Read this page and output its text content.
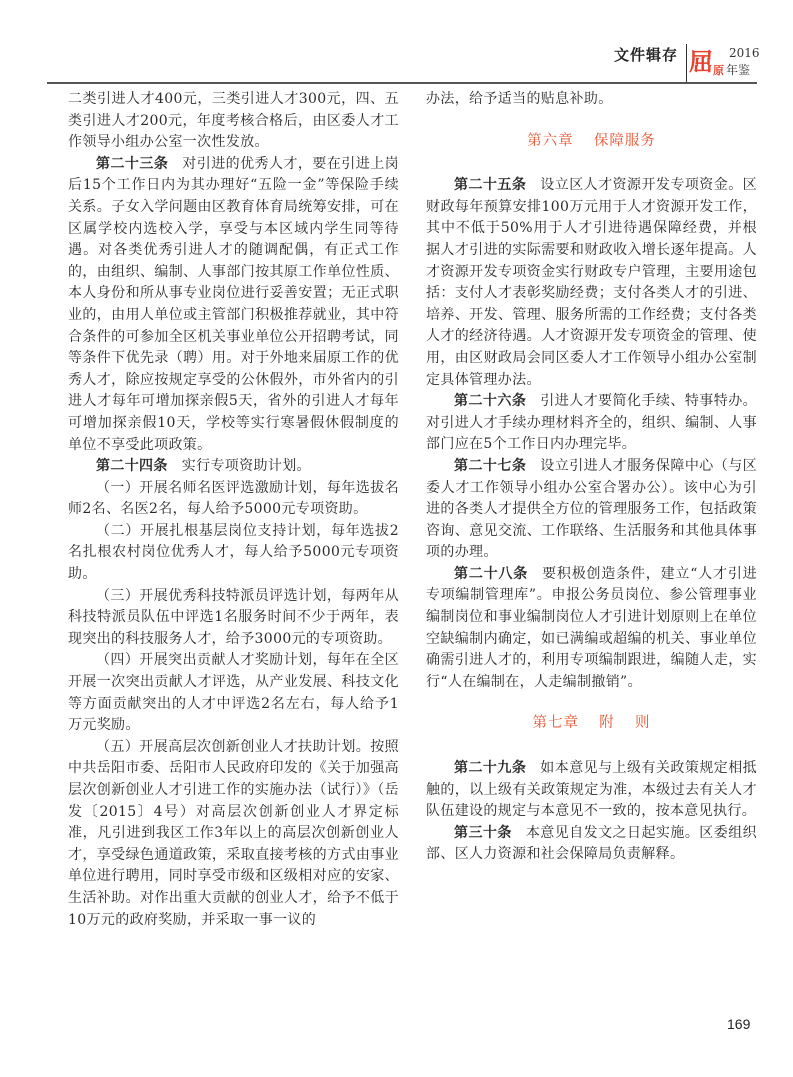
文件辑存 屈 原
2016
年鉴

二类引进人才400元，三类引进人才300元，四、五类引进人才200元，年度考核合格后，由区委人才工作领导小组办公室一次性发放。

第二十三条 对引进的优秀人才，要在引进上岗后15个工作日内为其办理好“五险一金”等保险手续关系。子女入学问题由区教育体育局统筹安排，可在区属学校内选校入学，享受与本区域内学生同等待遇。对各类优秀引进人才的随调配偶，有正式工作的，由组织、编制、人事部门按其原工作单位性质、本人身份和所从事专业岗位进行妥善安置；无正式职业的，由用人单位或主管部门积极推荐就业，其中符合条件的可参加全区机关事业单位公开招聘考试，同等条件下优先录（聘）用。对于外地来届原工作的优秀人才，除应按规定享受的公休假外，市外省内的引进人才每年可增加探亲假5天，省外的引进人才每年可增加探亲假10天，学校等实行寒暑假休假制度的单位不享受此项政策。

第二十四条 实行专项资助计划。

（一）开展名师名医评选激励计划，每年选拔名师2名、名医2名，每人给予5000元专项资助。

（二）开展扎根基层岗位支持计划，每年选拔2名扎根农村岗位优秀人才，每人给予5000元专项资助。

（三）开展优秀科技特派员评选计划，每两年从科技特派员队伍中评选1名服务时间不少于两年，表现突出的科技服务人才，给予3000元的专项资助。

（四）开展突出贡献人才奖励计划，每年在全区开展一次突出贡献人才评选，从产业发展、科技文化等方面贡献突出的人才中评选2名左右，每人给予1万元奖励。

（五）开展高层次创新创业人才扶助计划。按照中共岳阳市委、岳阳市人民政府印发的《关于加强高层次创新创业人才引进工作的实施办法（试行）》（岳发〔2015〕4号）对高层次创新创业人才界定标准，凡引进到我区工作3年以上的高层次创新创业人才，享受绿色通道政策，采取直接考核的方式由事业单位进行聘用，同时享受市级和区级相对应的安家、生活补助。对作出重大贡献的创业人才，给予不低于10万元的政府奖励，并采取一事一议的

办法，给予适当的贴息补助。

第六章 保障服务

第二十五条 设立区人才资源开发专项资金。区财政每年预算安排100万元用于人才资源开发工作，其中不低于50%用于人才引进待遇保障经费，并根据人才引进的实际需要和财政收入增长逐年提高。人才资源开发专项资金实行财政专户管理，主要用途包括：支付人才表彰奖励经费；支付各类人才的引进、培养、开发、管理、服务所需的工作经费；支付各类人才的经济待遇。人才资源开发专项资金的管理、使用，由区财政局会同区委人才工作领导小组办公室制定具体管理办法。

第二十六条 引进人才要简化手续、特事特办。对引进人才手续办理材料齐全的，组织、编制、人事部门应在5个工作日内办理完毕。

第二十七条 设立引进人才服务保障中心（与区委人才工作领导小组办公室合署办公）。该中心为引进的各类人才提供全方位的管理服务工作，包括政策咨询、意见交流、工作联络、生活服务和其他具体事项的办理。

第二十八条 要积极创造条件，建立“人才引进专项编制管理库”。申报公务员岗位、参公管理事业编制岗位和事业编制岗位人才引进计划原则上在单位空缺编制内确定，如已满编或超编的机关、事业单位确需引进人才的，利用专项编制跟进，编随人走，实行“人在编制在，人走编制撤销”。

第七章 附 则

第二十九条 如本意见与上级有关政策规定相抵触的，以上级有关政策规定为准，本级过去有关人才队伍建设的规定与本意见不一致的，按本意见执行。

第三十条 本意见自发文之日起实施。区委组织部、区人力资源和社会保障局负责解释。

169
